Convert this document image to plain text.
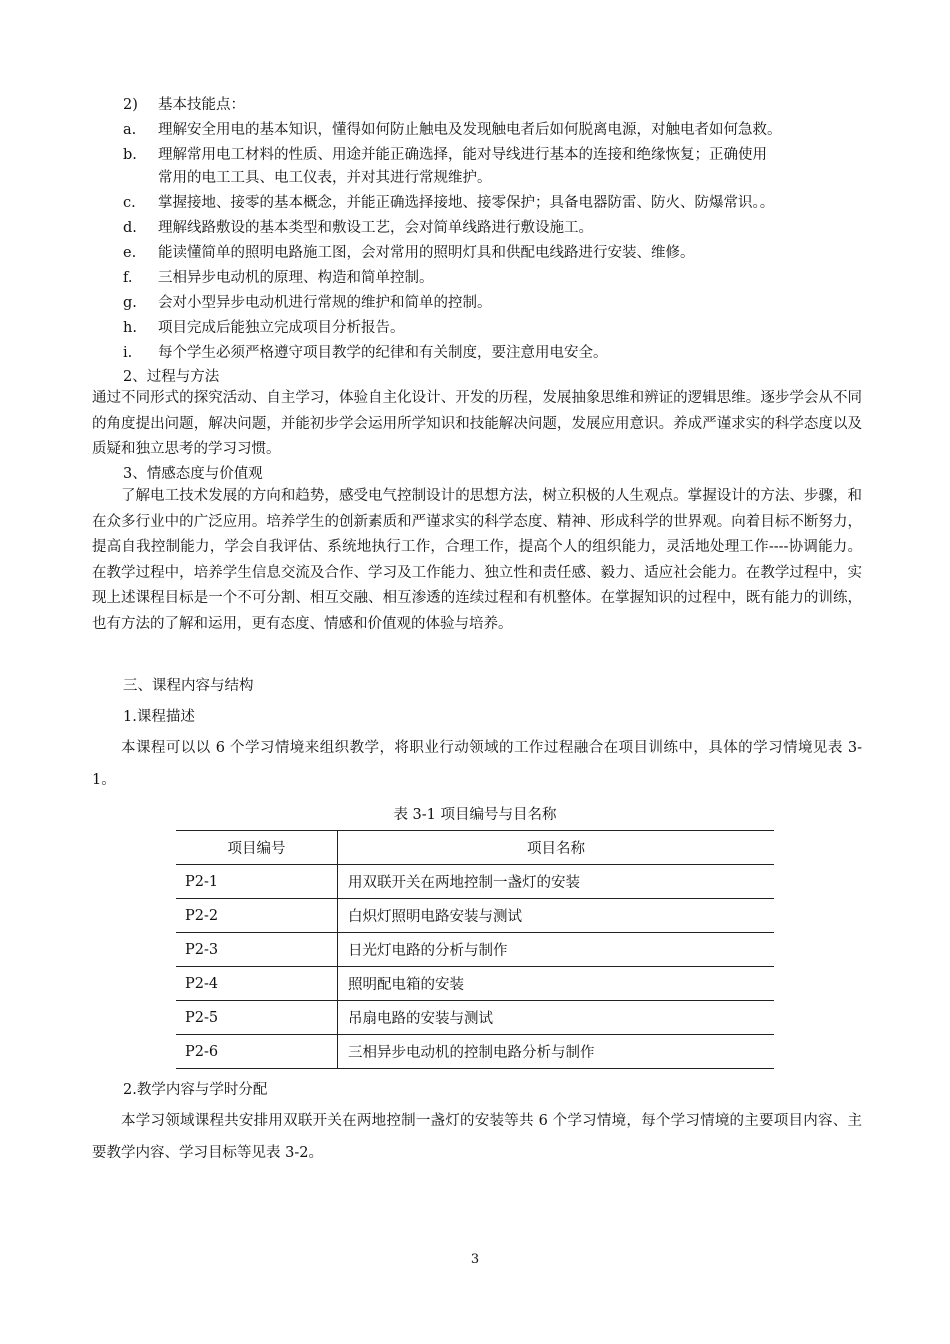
2)	基本技能点：
a.	理解安全用电的基本知识，懂得如何防止触电及发现触电者后如何脱离电源，对触电者如何急救。
b.	理解常用电工材料的性质、用途并能正确选择，能对导线进行基本的连接和绝缘恢复；正确使用
常用的电工工具、电工仪表，并对其进行常规维护。
c.	掌握接地、接零的基本概念，并能正确选择接地、接零保护；具备电器防雷、防火、防爆常识。。
d.	理解线路敷设的基本类型和敷设工艺，会对简单线路进行敷设施工。
e.	能读懂简单的照明电路施工图，会对常用的照明灯具和供配电线路进行安装、维修。
f.	三相异步电动机的原理、构造和简单控制。
g.	会对小型异步电动机进行常规的维护和简单的控制。
h.	项目完成后能独立完成项目分析报告。
i.	每个学生必须严格遵守项目教学的纪律和有关制度，要注意用电安全。
2、过程与方法
通过不同形式的探究活动、自主学习，体验自主化设计、开发的历程，发展抽象思维和辨证的逻辑思维。逐步学会从不同的角度提出问题，解决问题，并能初步学会运用所学知识和技能解决问题，发展应用意识。养成严谨求实的科学态度以及质疑和独立思考的学习习惯。
3、情感态度与价值观
了解电工技术发展的方向和趋势，感受电气控制设计的思想方法，树立积极的人生观点。掌握设计的方法、步骤，和在众多行业中的广泛应用。培养学生的创新素质和严谨求实的科学态度、精神、形成科学的世界观。向着目标不断努力，提高自我控制能力，学会自我评估、系统地执行工作，合理工作，提高个人的组织能力，灵活地处理工作----协调能力。在教学过程中，培养学生信息交流及合作、学习及工作能力、独立性和责任感、毅力、适应社会能力。在教学过程中，实现上述课程目标是一个不可分割、相互交融、相互渗透的连续过程和有机整体。在掌握知识的过程中，既有能力的训练，也有方法的了解和运用，更有态度、情感和价值观的体验与培养。
三、课程内容与结构
1.课程描述
本课程可以以 6 个学习情境来组织教学，将职业行动领域的工作过程融合在项目训练中，具体的学习情境见表 3-1。
表 3-1 项目编号与目名称
项目编号	项目名称
P2-1	用双联开关在两地控制一盏灯的安装
P2-2	白炽灯照明电路安装与测试
P2-3	日光灯电路的分析与制作
P2-4	照明配电箱的安装
P2-5	吊扇电路的安装与测试
P2-6	三相异步电动机的控制电路分析与制作
2.教学内容与学时分配
本学习领域课程共安排用双联开关在两地控制一盏灯的安装等共 6 个学习情境，每个学习情境的主要项目内容、主要教学内容、学习目标等见表 3-2。
3
